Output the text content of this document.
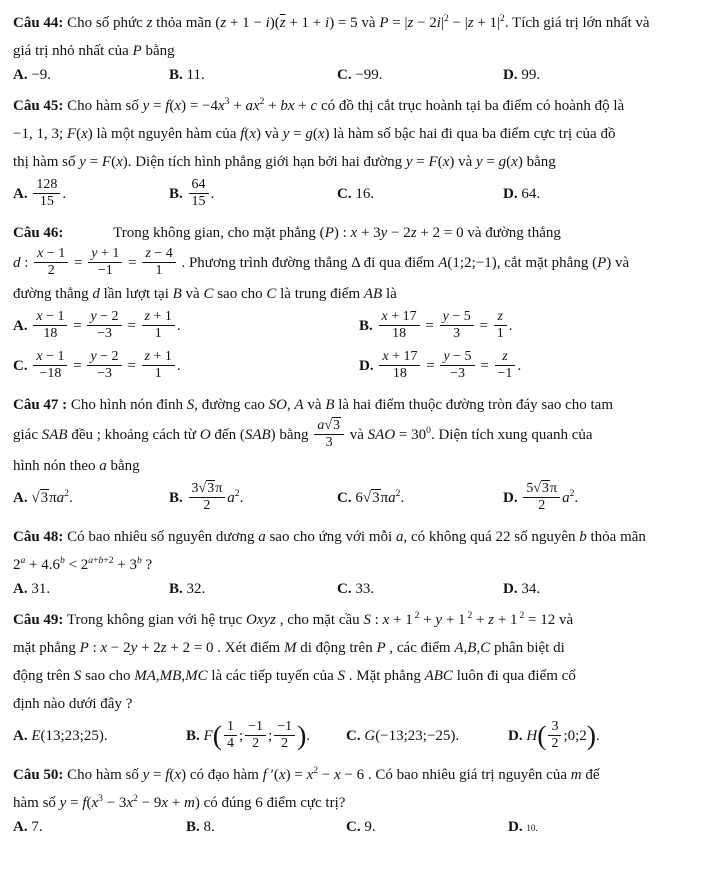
Câu 44: Cho số phức z thỏa mãn $(z + 1 - i)(\overline{z} + 1 + i) = 5$ và $P = |z - 2i|^2 - |z + 1|^2$. Tích giá trị lớn nhất và
giá trị nhỏ nhất của P bằng

A. −9.	B. 11.	C. −99.	D. 99.

Câu 45: Cho hàm số $y = f(x) = -4x^3 + ax^2$ + bx + c có đồ thị cắt trục hoành tại ba điểm có hoành độ là
−1, 1, 3; F(x) là một nguyên hàm của f(x) và y = g(x) là hàm số bậc hai đi qua ba điểm cực trị của đồ
thị hàm số y = F(x). Diện tích hình phẳng giới hạn bởi hai đường y = F(x) và y = g(x) bằng

A. $\frac{128}{15}$ .	B. $\frac{64}{15}$ .	C. 16.	D. 64.

Câu 46:	Trong không gian, cho mặt phẳng (P) : x + 3y − 2z + 2 = 0 và đường thẳng
d : $\frac{x - 1}{2} = \frac{y + 1}{-1} = \frac{z - 4}{1}$ . Phương trình đường thẳng Δ đi qua điểm A(1;2;−1), cắt mặt phẳng (P) và
đường thẳng d lần lượt tại B và C sao cho C là trung điểm AB là

A. $\frac{x - 1}{18} = \frac{y - 2}{-3} = \frac{z + 1}{1}$ .	B. $\frac{x + 17}{18} = \frac{y - 5}{3} = \frac{z}{1}$ .
C. $\frac{x - 1}{-18} = \frac{y - 2}{-3} = \frac{z + 1}{1}$ .	D. $\frac{x + 17}{18} = \frac{y - 5}{-3} = \frac{z}{-1}$ .

Câu 47 : Cho hình nón đỉnh S, đường cao SO, A và B là hai điểm thuộc đường tròn đáy sao cho tam
giác SAB đều ; khoảng cách từ O đến (SAB) bằng $\frac{a√3}{3}$ và SAO = $30^0$. Diện tích xung quanh của
hình nón theo a bằng

A. $√3\pi a^2$.	B. $\frac{3√3\pi}{2} a^2$.	C. $6√3\pi a^2$.	D. $\frac{5√3\pi}{2} a^2$.

Câu 48: Có bao nhiêu số nguyên dương a sao cho ứng với mỗi a, có không quá 22 số nguyên b thỏa mãn
$2^a + 4.6^b < 2^{a+b+2} + 3^b$ ?

A. 31.	B. 32.	C. 33.	D. 34.

Câu 49: Trong không gian với hệ trục Oxyz , cho mặt cầu S : x + 1 $^2$ + y + 1 $^2$ + z + 1 $^2$ = 12 và
mặt phẳng P : x − 2y + 2z + 2 = 0 . Xét điểm M di động trên P , các điểm A,B,C phân biệt di
động trên S sao cho MA,MB,MC là các tiếp tuyến của S . Mặt phẳng ABC luôn đi qua điểm cố
định nào dưới đây ?

A. E(13;23;25).	B. $F( \frac{1}{4}$ ; $\frac{-1}{2}$ ; $\frac{-1}{2}$ ).	C. G(−13;23;−25).	D. $H( \frac{3}{2}$ ;0;2).

Câu 50: Cho hàm số y = f(x) có đạo hàm f $'(x) = x^2 - x - 6$ . Có bao nhiêu giá trị nguyên của m để
hàm số $y = f(x^3 - 3x^2 - 9x + m)$ có đúng 6 điểm cực trị?

A. 7.	B. 8.	C. 9.	D. 10.
